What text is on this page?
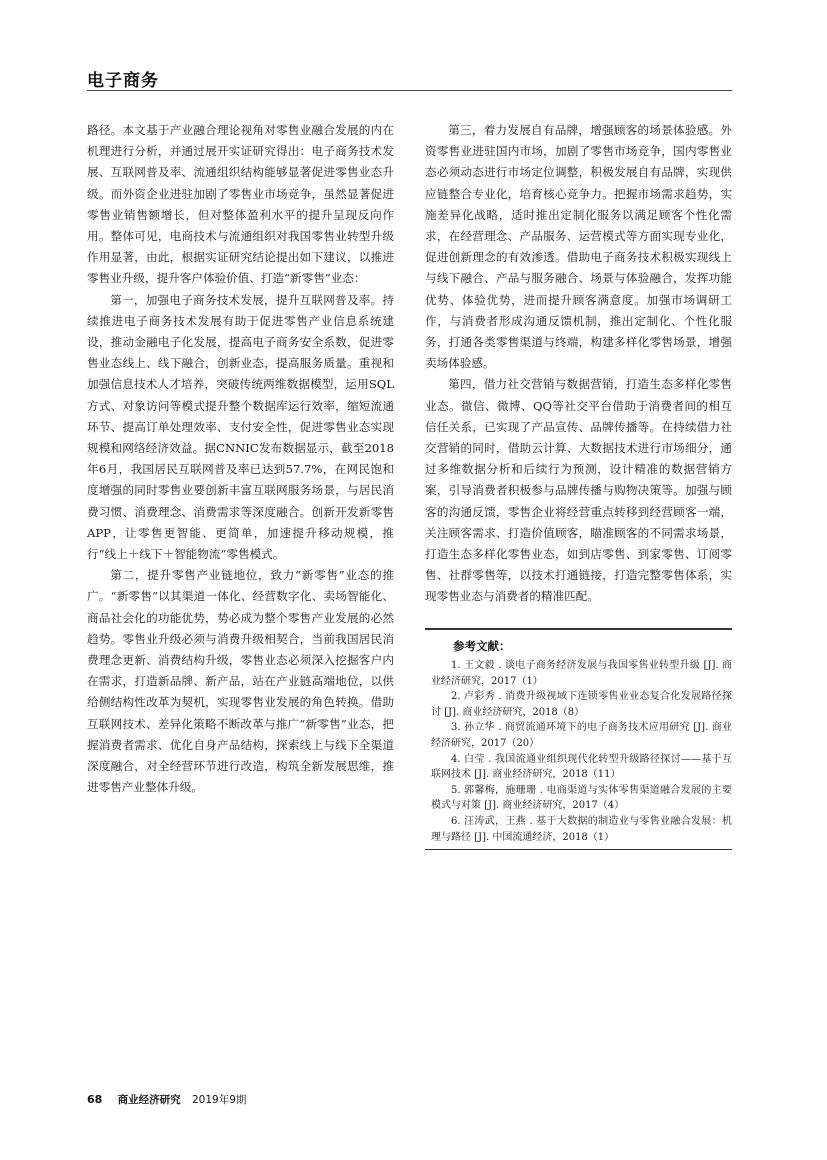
电子商务

路径。本文基于产业融合理论视角对零售业融合发展的内在机理进行分析，并通过展开实证研究得出：电子商务技术发展、互联网普及率、流通组织结构能够显著促进零售业态升级。而外资企业进驻加剧了零售业市场竞争，虽然显著促进零售业销售额增长，但对整体盈利水平的提升呈现反向作用。整体可见，电商技术与流通组织对我国零售业转型升级作用显著，由此，根据实证研究结论提出如下建议，以推进零售业升级，提升客户体验价值、打造“新零售”业态：

第一，加强电子商务技术发展，提升互联网普及率。持续推进电子商务技术发展有助于促进零售产业信息系统建设，推动金融电子化发展，提高电子商务安全系数，促进零售业态线上、线下融合，创新业态，提高服务质量。重视和加强信息技术人才培养，突破传统两维数据模型，运用SQL方式、对象访问等模式提升整个数据库运行效率，缩短流通环节、提高订单处理效率、支付安全性，促进零售业态实现规模和网络经济效益。据CNNIC发布数据显示，截至2018年6月，我国居民互联网普及率已达到57.7%，在网民饱和度增强的同时零售业要创新丰富互联网服务场景，与居民消费习惯、消费理念、消费需求等深度融合。创新开发新零售APP，让零售更智能、更简单，加速提升移动规模，推行“线上＋线下＋智能物流”零售模式。

第二，提升零售产业链地位，致力“新零售”业态的推广。“新零售”以其渠道一体化、经营数字化、卖场智能化、商品社会化的功能优势，势必成为整个零售产业发展的必然趋势。零售业升级必须与消费升级相契合，当前我国居民消费理念更新、消费结构升级，零售业态必须深入挖掘客户内在需求，打造新品牌、新产品，站在产业链高端地位，以供给侧结构性改革为契机，实现零售业发展的角色转换。借助互联网技术、差异化策略不断改革与推广“新零售”业态，把握消费者需求、优化自身产品结构，探索线上与线下全渠道深度融合，对全经营环节进行改造，构筑全新发展思维，推进零售产业整体升级。

第三，着力发展自有品牌，增强顾客的场景体验感。外资零售业进驻国内市场，加剧了零售市场竞争，国内零售业态必须动态进行市场定位调整，积极发展自有品牌，实现供应链整合专业化，培育核心竞争力。把握市场需求趋势，实施差异化战略，适时推出定制化服务以满足顾客个性化需求，在经营理念、产品服务、运营模式等方面实现专业化，促进创新理念的有效渗透。借助电子商务技术积极实现线上与线下融合、产品与服务融合、场景与体验融合，发挥功能优势、体验优势，进而提升顾客满意度。加强市场调研工作，与消费者形成沟通反馈机制，推出定制化、个性化服务，打通各类零售渠道与终端，构建多样化零售场景，增强卖场体验感。

第四，借力社交营销与数据营销，打造生态多样化零售业态。微信、微博、QQ等社交平台借助于消费者间的相互信任关系，已实现了产品宣传、品牌传播等。在持续借力社交营销的同时，借助云计算、大数据技术进行市场细分，通过多维数据分析和后续行为预测，设计精准的数据营销方案，引导消费者积极参与品牌传播与购物决策等。加强与顾客的沟通反馈，零售企业将经营重点转移到经营顾客一端，关注顾客需求、打造价值顾客，瞄准顾客的不同需求场景，打造生态多样化零售业态，如到店零售、到家零售、订阅零售、社群零售等，以技术打通链接，打造完整零售体系，实现零售业态与消费者的精准匹配。

参考文献：
1. 王文毅 . 谈电子商务经济发展与我国零售业转型升级 [J]. 商业经济研究，2017（1）
2. 卢彩秀 . 消费升级视域下连锁零售业业态复合化发展路径探讨 [J]. 商业经济研究，2018（8）
3. 孙立华 . 商贸流通环境下的电子商务技术应用研究 [J]. 商业经济研究，2017（20）
4. 白莹 . 我国流通业组织现代化转型升级路径探讨——基于互联网技术 [J]. 商业经济研究，2018（11）
5. 郭馨梅，施珊珊 . 电商渠道与实体零售渠道融合发展的主要模式与对策 [J]. 商业经济研究，2017（4）
6. 汪涛武，王燕 . 基于大数据的制造业与零售业融合发展：机理与路径 [J]. 中国流通经济，2018（1）
68 商业经济研究 2019年9期
